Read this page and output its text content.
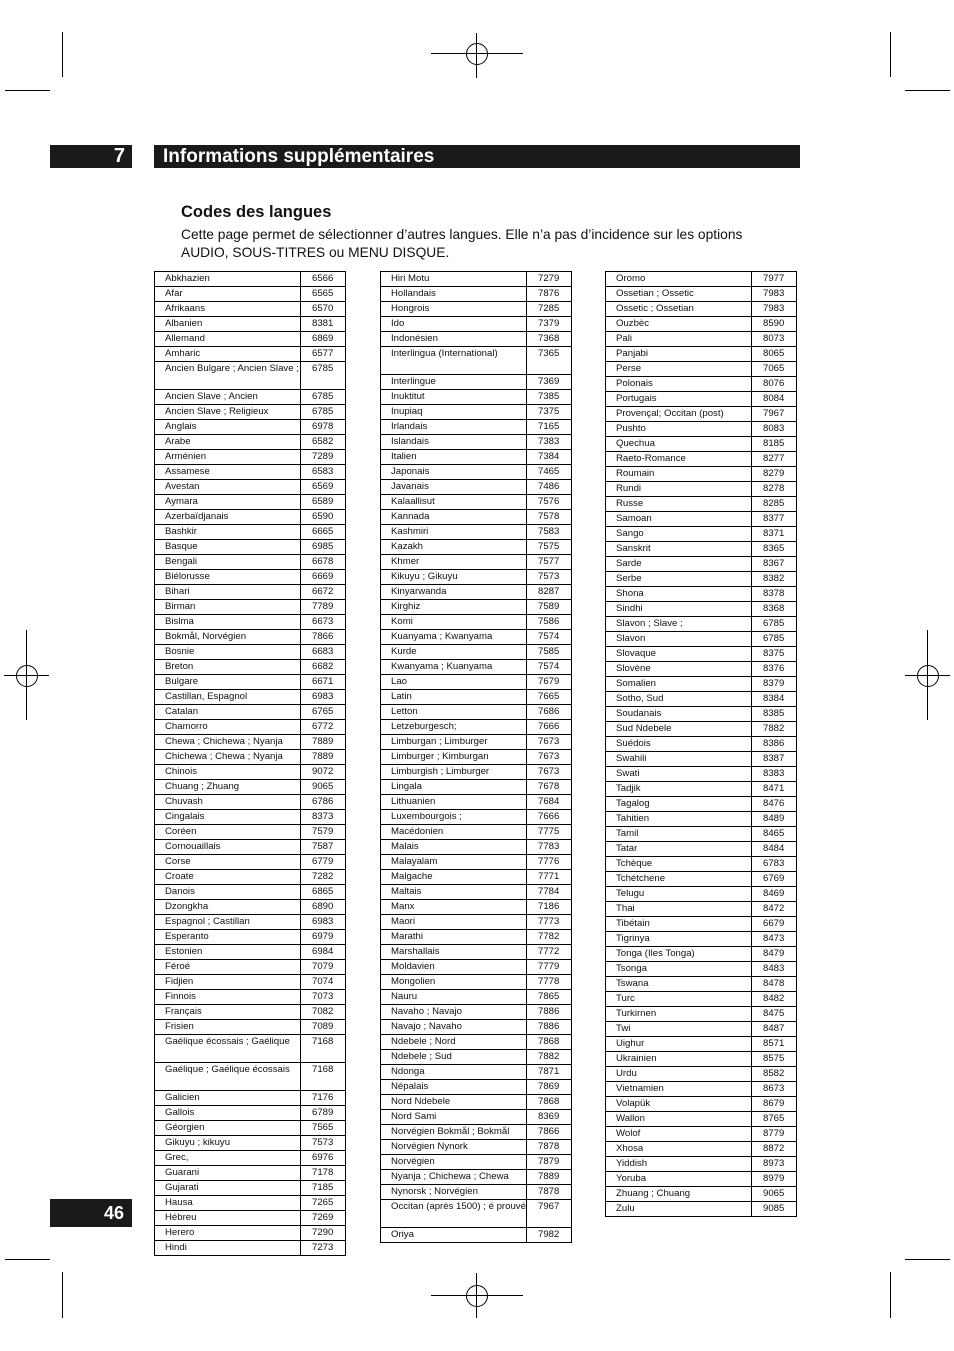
7	Informations supplémentaires
Codes des langues
Cette page permet de sélectionner d’autres langues. Elle n’a pas d’incidence sur les options AUDIO, SOUS-TITRES ou MENU DISQUE.
Abkhazien	6566
Afar	6565
Afrikaans	6570
Albanien	8381
Allemand	6869
Amharic	6577
Ancien Bulgare ; Ancien Slave ;	6785
Ancien Slave ; Ancien	6785
Ancien Slave ; Religieux	6785
Anglais	6978
Arabe	6582
Arménien	7289
Assamese	6583
Avestan	6569
Aymara	6589
Azerbaïdjanais	6590
Bashkir	6665
Basque	6985
Bengali	6678
Biélorusse	6669
Bihari	6672
Birman	7789
Bislma	6673
Bokmål, Norvégien	7866
Bosnie	6683
Breton	6682
Bulgare	6671
Castillan, Espagnol	6983
Catalan	6765
Chamorro	6772
Chewa ; Chichewa ; Nyanja	7889
Chichewa ; Chewa ; Nyanja	7889
Chinois	9072
Chuang ; Zhuang	9065
Chuvash	6786
Cingalais	8373
Coréen	7579
Cornouaillais	7587
Corse	6779
Croate	7282
Danois	6865
Dzongkha	6890
Espagnol ; Castillan	6983
Esperanto	6979
Estonien	6984
Féroé	7079
Fidjien	7074
Finnois	7073
Français	7082
Frisien	7089
Gaélique écossais ; Gaélique	7168
Gaélique ; Gaélique écossais	7168
Galicien	7176
Gallois	6789
Géorgien	7565
Gikuyu ; kikuyu	7573
Grec,	6976
Guarani	7178
Gujarati	7185
Hausa	7265
Hébreu	7269
Herero	7290
Hindi	7273
Hiri Motu	7279
Hollandais	7876
Hongrois	7285
Ido	7379
Indonésien	7368
Interlingua (International)	7365
Interlingue	7369
Inuktitut	7385
Inupiaq	7375
Irlandais	7165
Islandais	7383
Italien	7384
Japonais	7465
Javanais	7486
Kalaallisut	7576
Kannada	7578
Kashmiri	7583
Kazakh	7575
Khmer	7577
Kikuyu ; Gikuyu	7573
Kinyarwanda	8287
Kirghiz	7589
Komi	7586
Kuanyama ; Kwanyama	7574
Kurde	7585
Kwanyama ; Kuanyama	7574
Lao	7679
Latin	7665
Letton	7686
Letzeburgesch;	7666
Limburgan ; Limburger	7673
Limburger ; Kimburgan	7673
Limburgish ; Limburger	7673
Lingala	7678
Lithuanien	7684
Luxembourgois ;	7666
Macédonien	7775
Malais	7783
Malayalam	7776
Malgache	7771
Maltais	7784
Manx	7186
Maori	7773
Marathi	7782
Marshallais	7772
Moldavien	7779
Mongolien	7778
Nauru	7865
Navaho ; Navajo	7886
Navajo ; Navaho	7886
Ndebele ; Nord	7868
Ndebele ; Sud	7882
Ndonga	7871
Népalais	7869
Nord Ndebele	7868
Nord Sami	8369
Norvégien Bokmål ; Bokmål	7866
Norvégien Nynork	7878
Norvégien	7879
Nyanja ; Chichewa ; Chewa	7889
Nynorsk ; Norvégien	7878
Occitan (après 1500) ; é prouvé	7967
Oriya	7982
Oromo	7977
Ossetian ; Ossetic	7983
Ossetic ; Ossetian	7983
Ouzbèc	8590
Pali	8073
Panjabi	8065
Perse	7065
Polonais	8076
Portugais	8084
Provençal; Occitan (post)	7967
Pushto	8083
Quechua	8185
Raeto-Romance	8277
Roumain	8279
Rundi	8278
Russe	8285
Samoan	8377
Sango	8371
Sanskrit	8365
Sarde	8367
Serbe	8382
Shona	8378
Sindhi	8368
Slavon ; Slave ;	6785
Slavon	6785
Slovaque	8375
Slovène	8376
Somalien	8379
Sotho, Sud	8384
Soudanais	8385
Sud Ndebele	7882
Suédois	8386
Swahili	8387
Swati	8383
Tadjik	8471
Tagalog	8476
Tahitien	8489
Tamil	8465
Tatar	8484
Tchèque	6783
Tchétchene	6769
Telugu	8469
Thai	8472
Tibétain	6679
Tigrinya	8473
Tonga (Iles Tonga)	8479
Tsonga	8483
Tswana	8478
Turc	8482
Turkirnen	8475
Twi	8487
Uighur	8571
Ukrainien	8575
Urdu	8582
Vietnamien	8673
Volapük	8679
Wallon	8765
Wolof	8779
Xhosa	8872
Yiddish	8973
Yoruba	8979
Zhuang ; Chuang	9065
Zulu	9085
46
